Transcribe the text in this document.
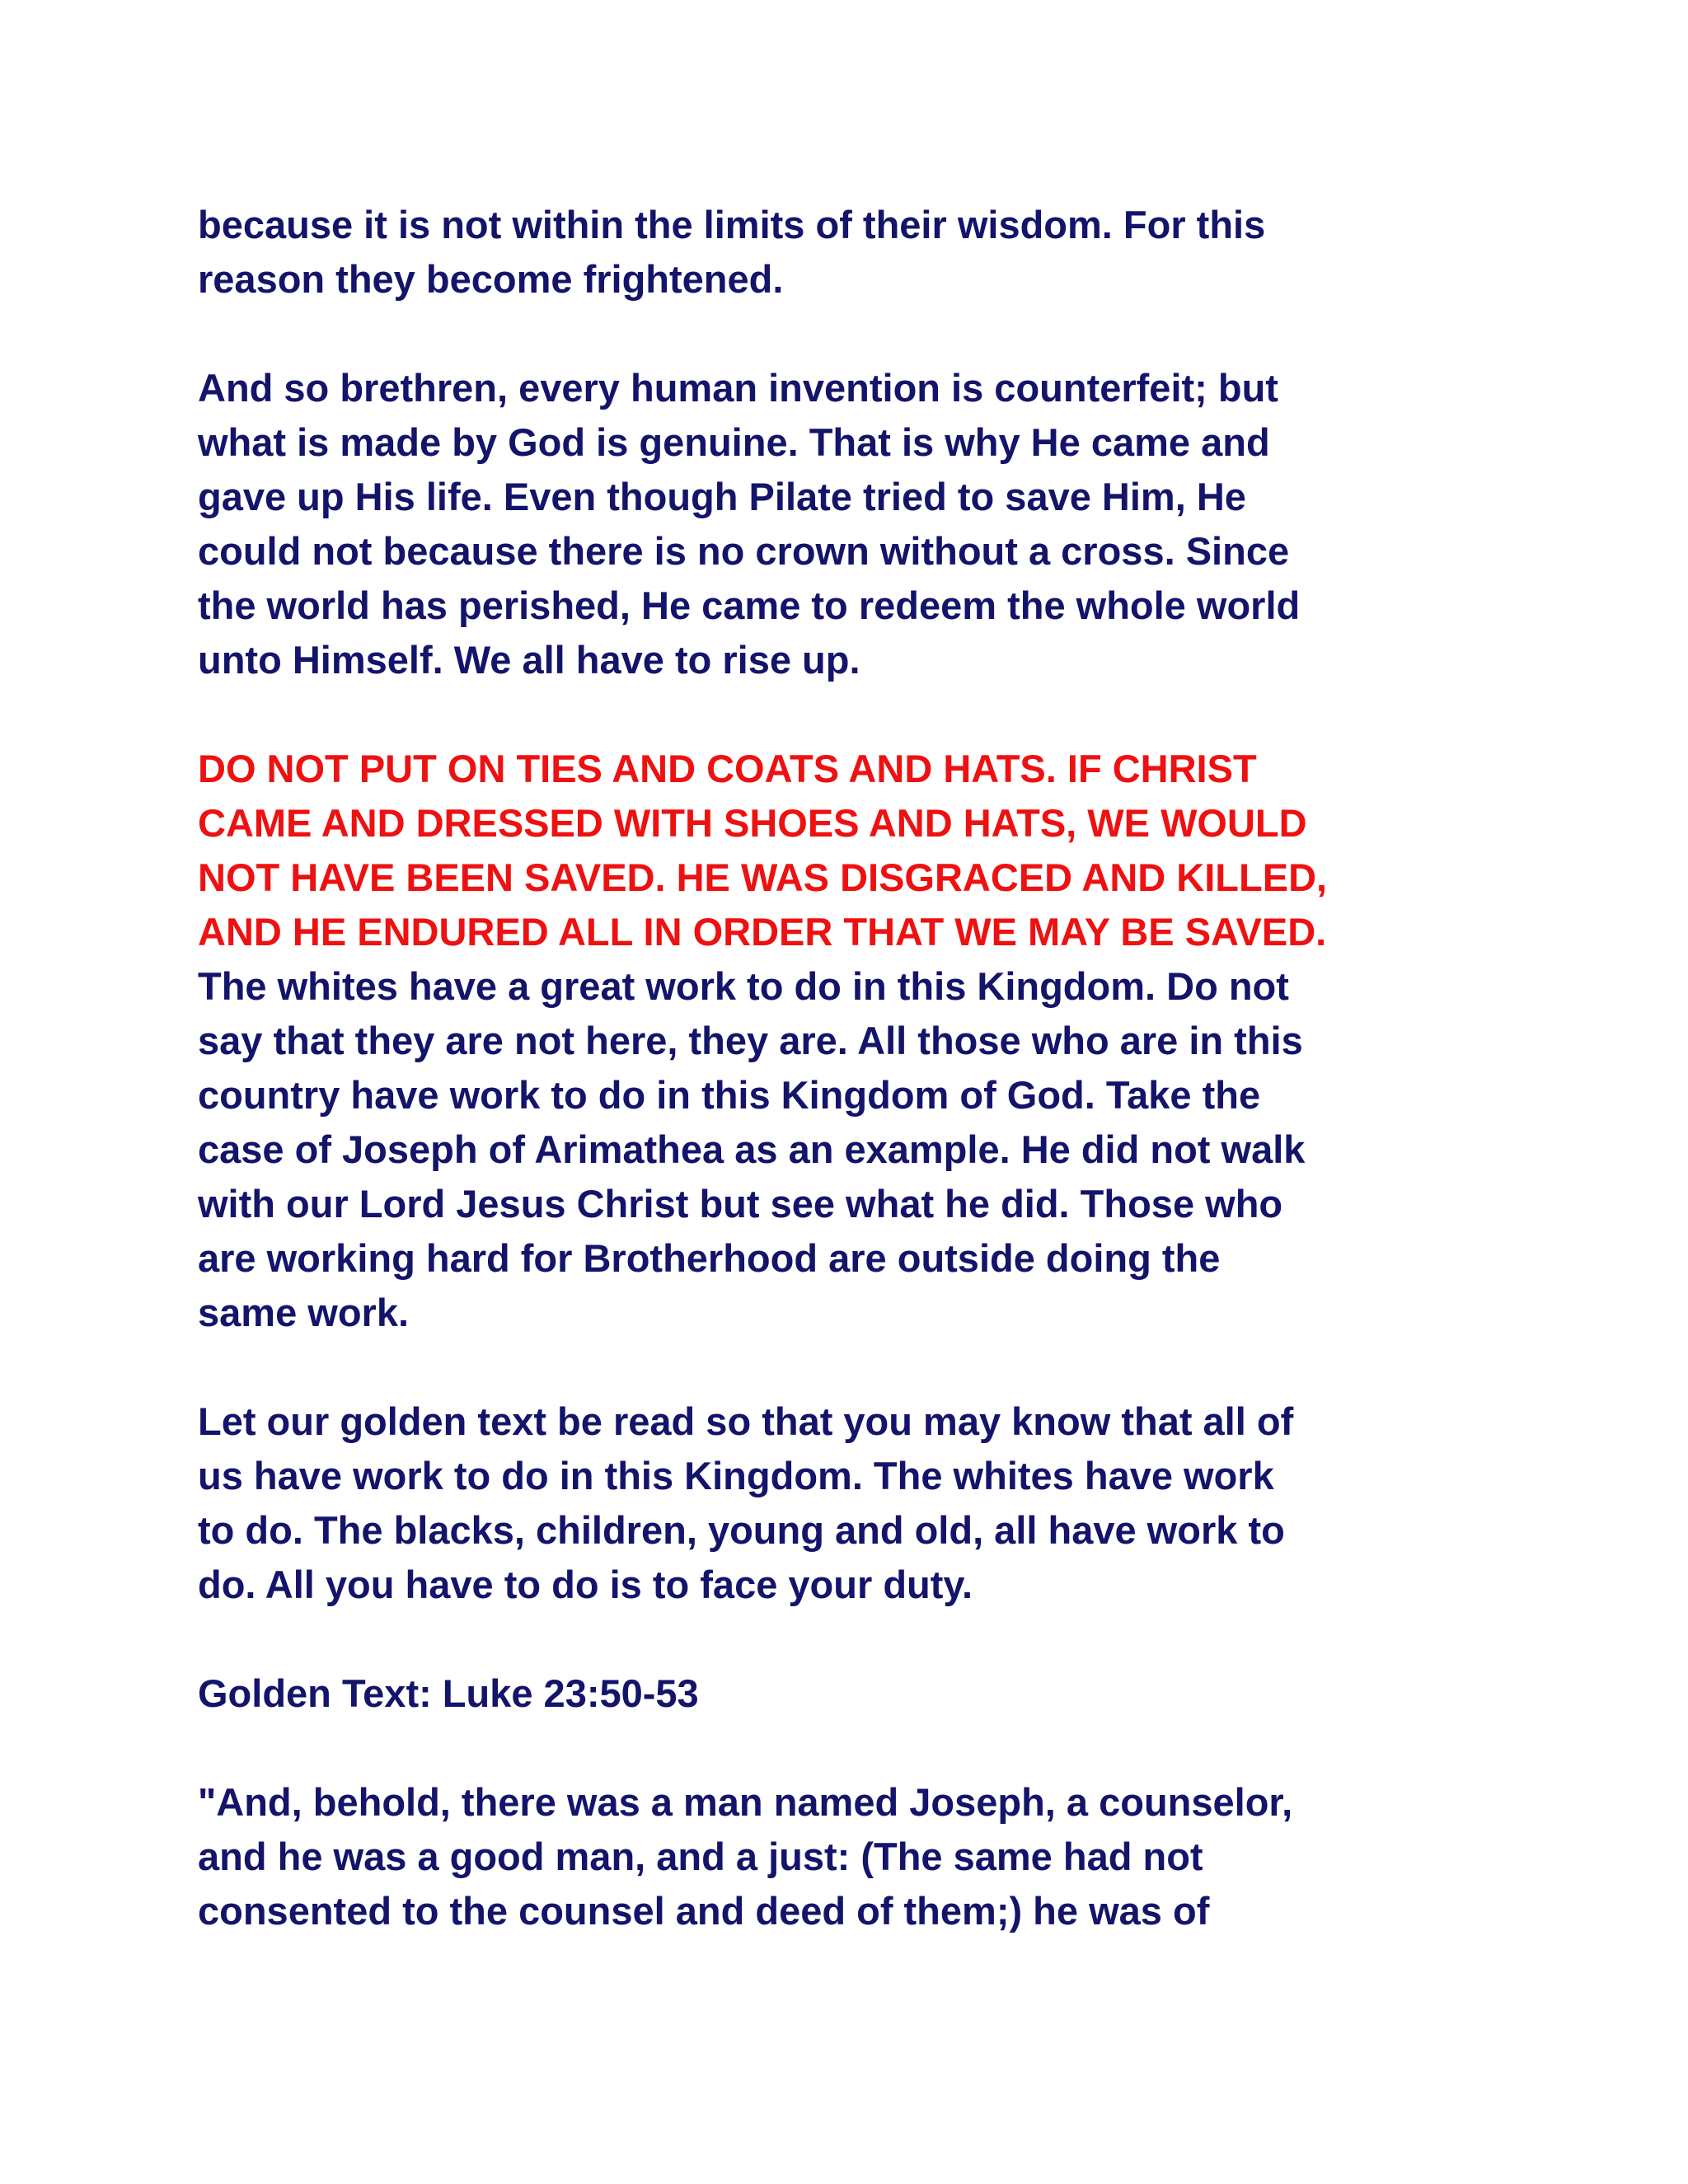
because it is not within the limits of their wisdom. For this
reason they become frightened.

And so brethren, every human invention is counterfeit; but
what is made by God is genuine. That is why He came and
gave up His life. Even though Pilate tried to save Him, He
could not because there is no crown without a cross. Since
the world has perished, He came to redeem the whole world
unto Himself. We all have to rise up.

DO NOT PUT ON TIES AND COATS AND HATS. IF CHRIST
CAME AND DRESSED WITH SHOES AND HATS, WE WOULD
NOT HAVE BEEN SAVED. HE WAS DISGRACED AND KILLED,
AND HE ENDURED ALL IN ORDER THAT WE MAY BE SAVED.

The whites have a great work to do in this Kingdom. Do not
say that they are not here, they are. All those who are in this
country have work to do in this Kingdom of God. Take the
case of Joseph of Arimathea as an example. He did not walk
with our Lord Jesus Christ but see what he did. Those who
are working hard for Brotherhood are outside doing the
same work.

Let our golden text be read so that you may know that all of
us have work to do in this Kingdom. The whites have work
to do. The blacks, children, young and old, all have work to
do. All you have to do is to face your duty.

Golden Text: Luke 23:50-53

"And, behold, there was a man named Joseph, a counselor,
and he was a good man, and a just: (The same had not
consented to the counsel and deed of them;) he was of
